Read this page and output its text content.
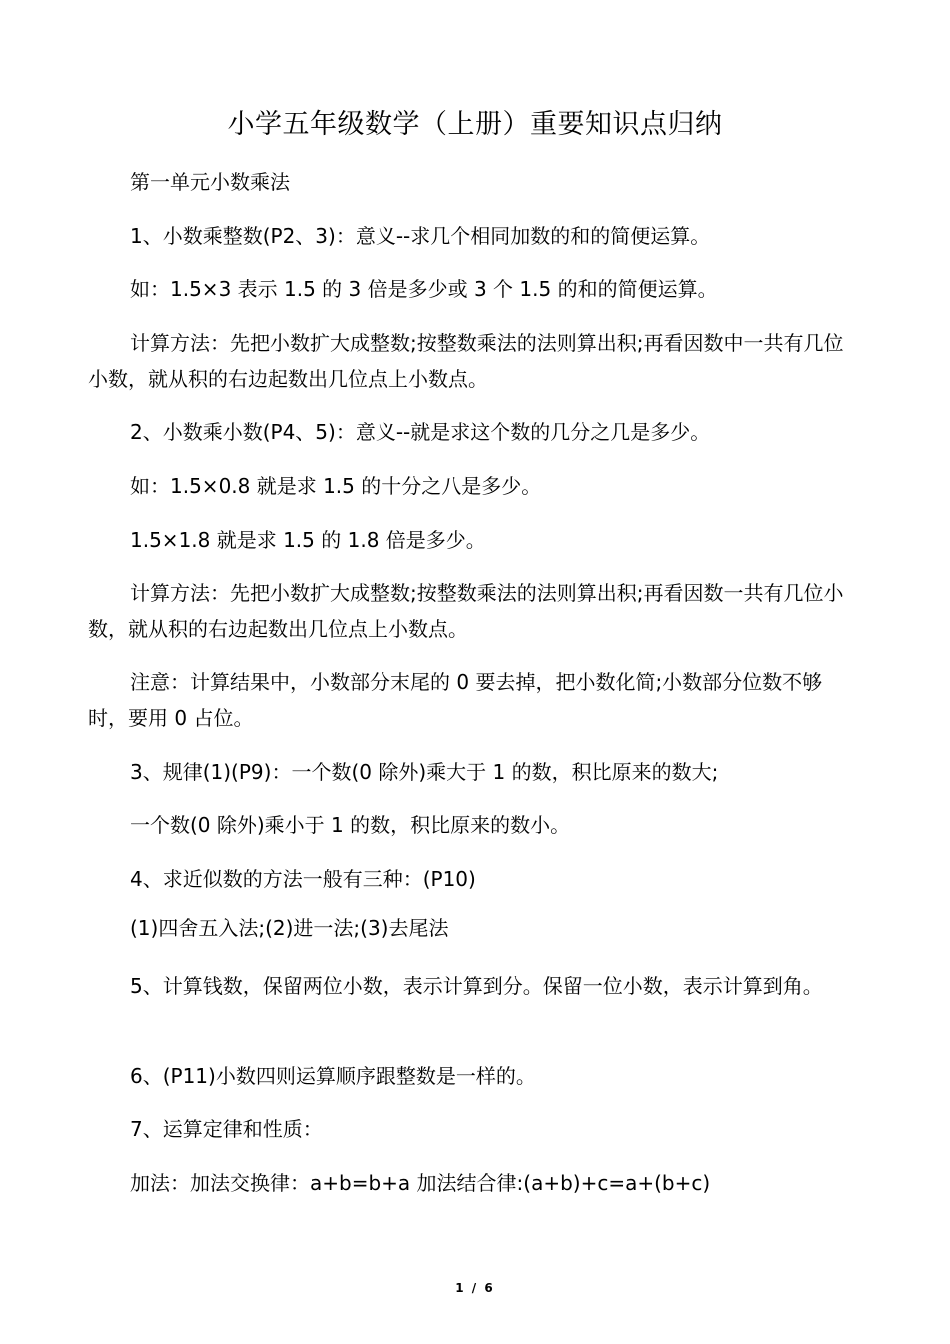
小学五年级数学（上册）重要知识点归纳
第一单元小数乘法
1、小数乘整数(P2、3)：意义--求几个相同加数的和的简便运算。
如：1.5×3 表示 1.5 的 3 倍是多少或 3 个 1.5 的和的简便运算。
计算方法：先把小数扩大成整数;按整数乘法的法则算出积;再看因数中一共有几位小数，就从积的右边起数出几位点上小数点。
2、小数乘小数(P4、5)：意义--就是求这个数的几分之几是多少。
如：1.5×0.8 就是求 1.5 的十分之八是多少。
1.5×1.8 就是求 1.5 的 1.8 倍是多少。
计算方法：先把小数扩大成整数;按整数乘法的法则算出积;再看因数一共有几位小数，就从积的右边起数出几位点上小数点。
注意：计算结果中，小数部分末尾的 0 要去掉，把小数化简;小数部分位数不够时，要用 0 占位。
3、规律(1)(P9)：一个数(0 除外)乘大于 1 的数，积比原来的数大;
一个数(0 除外)乘小于 1 的数，积比原来的数小。
4、求近似数的方法一般有三种：(P10)
(1)四舍五入法;(2)进一法;(3)去尾法
5、计算钱数，保留两位小数，表示计算到分。保留一位小数，表示计算到角。
6、(P11)小数四则运算顺序跟整数是一样的。
7、运算定律和性质：
加法：加法交换律：a+b=b+a 加法结合律:(a+b)+c=a+(b+c)
1 / 6
